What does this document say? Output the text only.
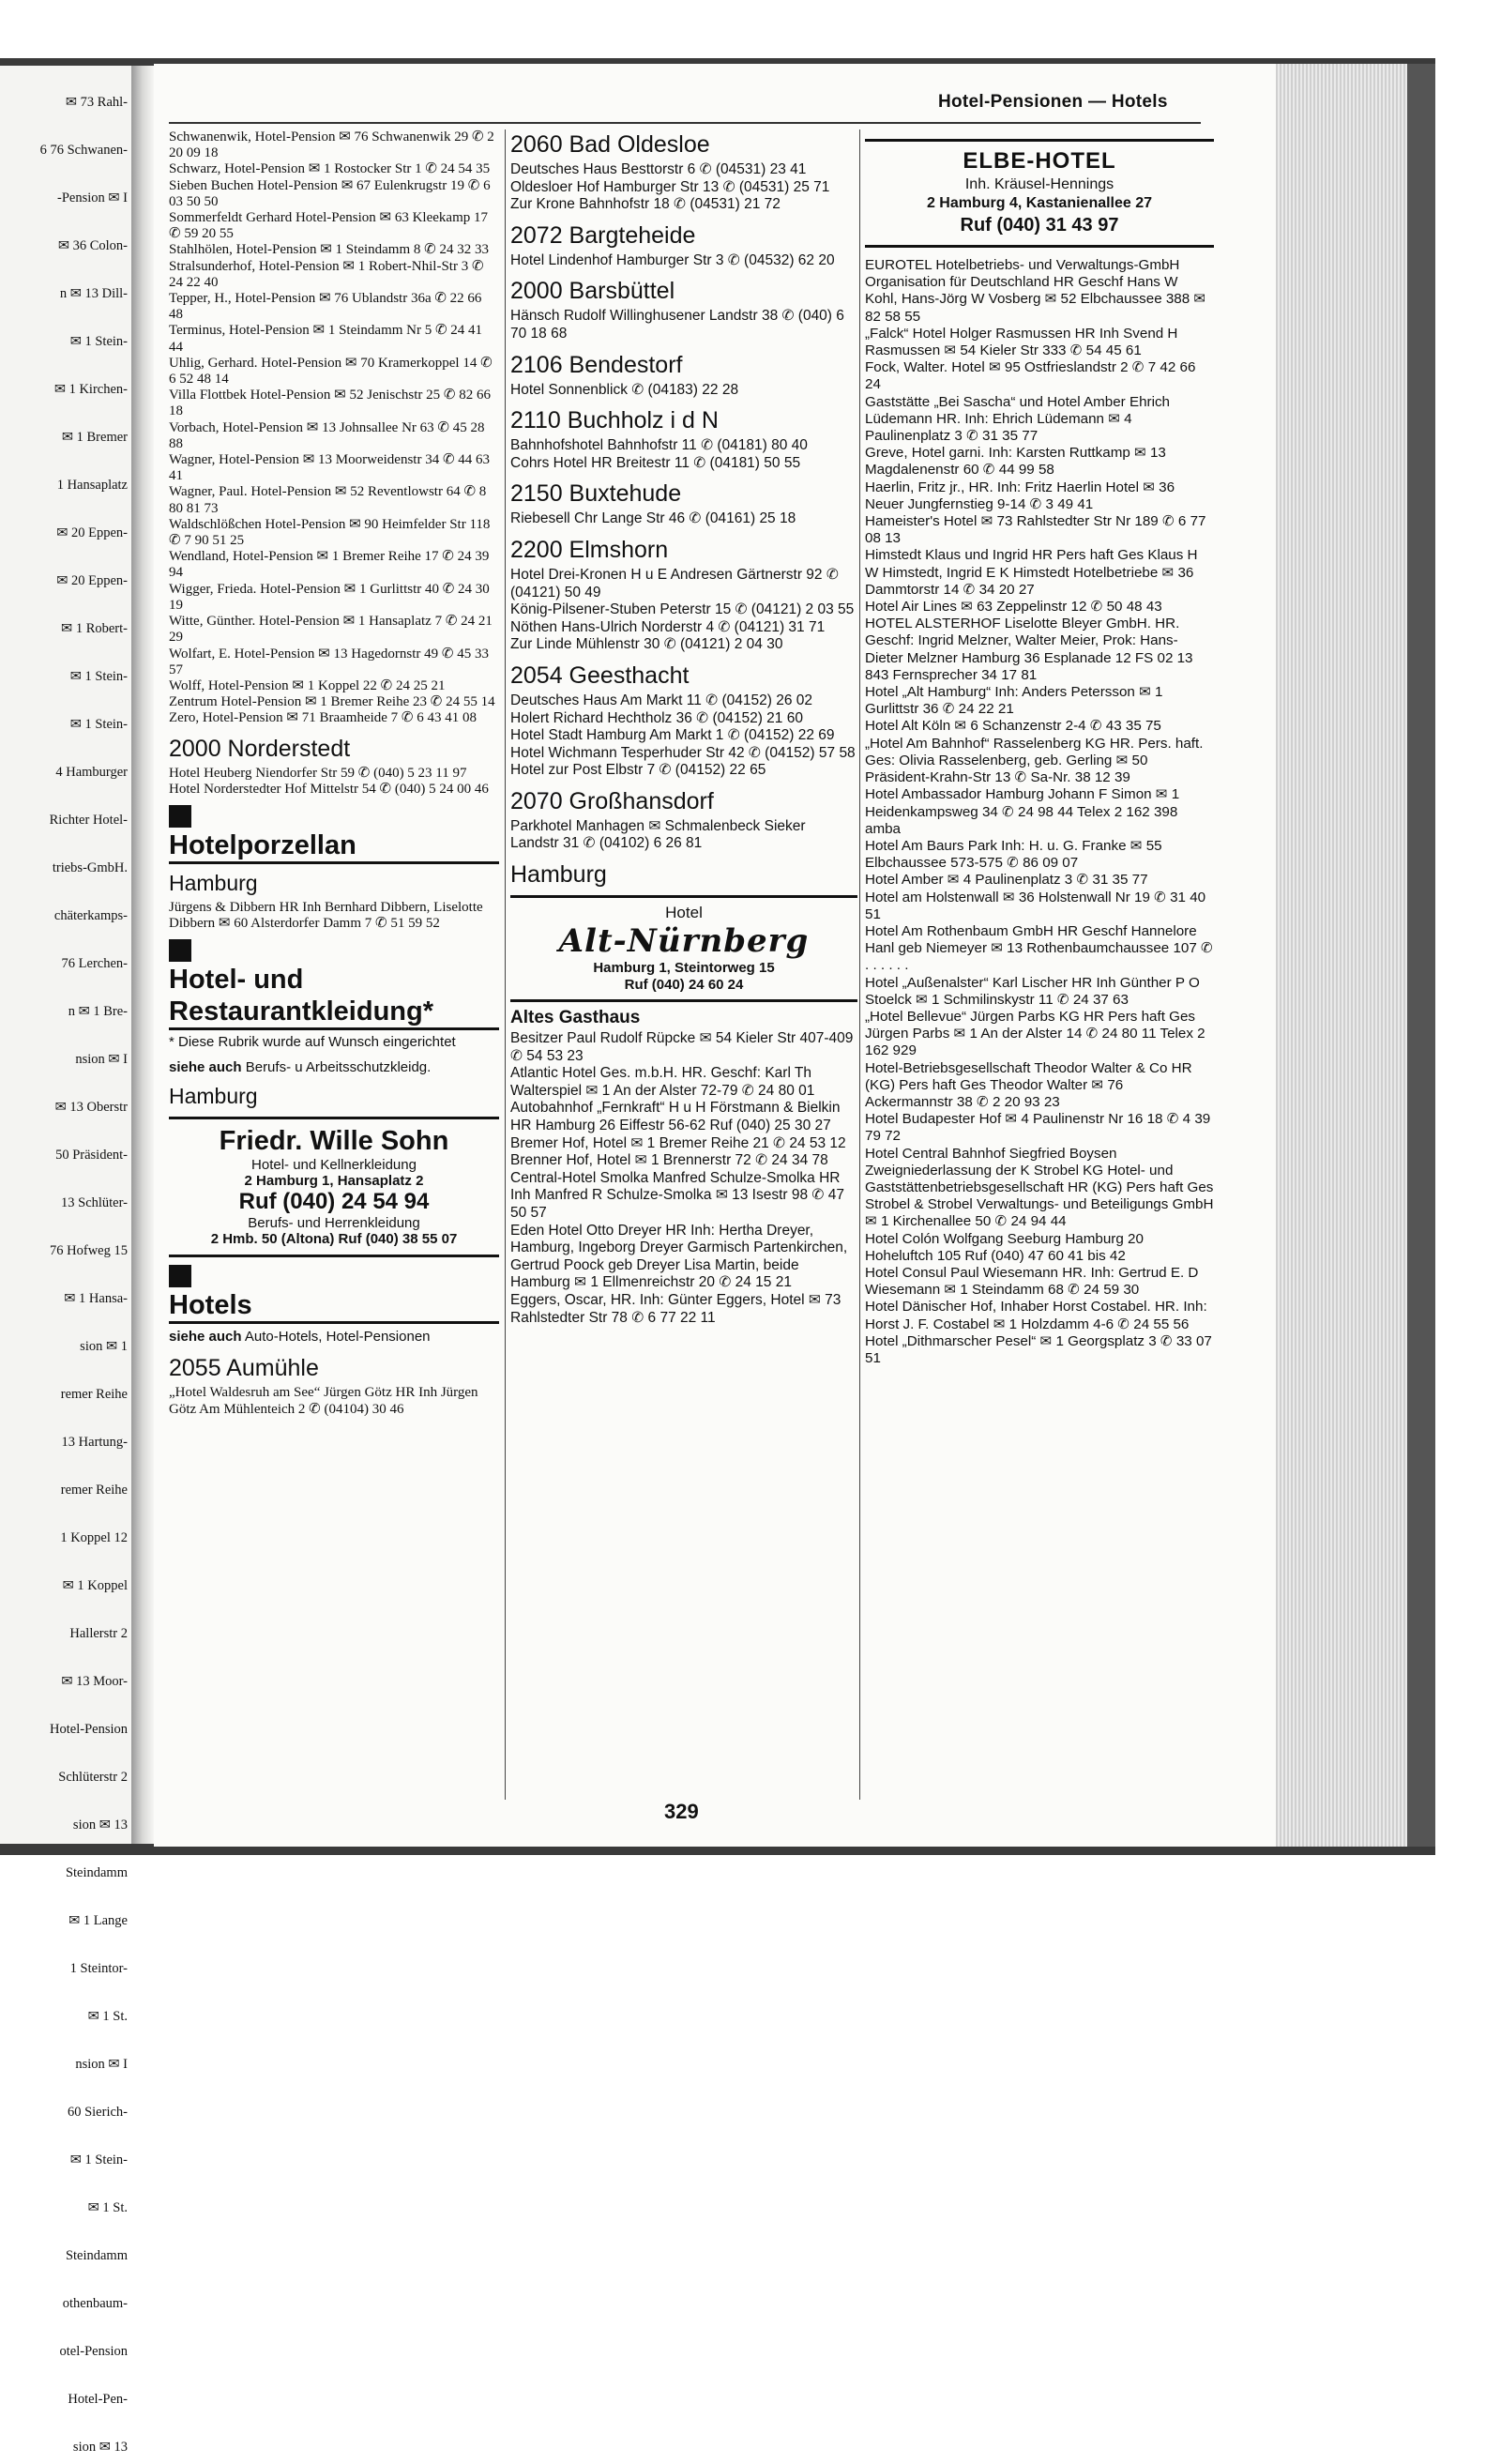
✉ 73 Rahl-

6 76 Schwanen-

-Pension ✉ I

✉ 36 Colon-

n ✉ 13 Dill-

✉ 1 Stein-

✉ 1 Kirchen-

✉ 1 Bremer

1 Hansaplatz

✉ 20 Eppen-

✉ 20 Eppen-

✉ 1 Robert-

✉ 1 Stein-

✉ 1 Stein-

4 Hamburger

Richter Hotel-

triebs-GmbH.

chäterkamps-

76 Lerchen-

n ✉ 1 Bre-

nsion ✉ I

✉ 13 Oberstr

50 Präsident-

13 Schlüter-

76 Hofweg 15

✉ 1 Hansa-

sion ✉ 1

remer Reihe

13 Hartung-

remer Reihe

1 Koppel 12

✉ 1 Koppel

Hallerstr 2

✉ 13 Moor-

Hotel-Pension

Schlüterstr 2

sion ✉ 13

Steindamm

✉ 1 Lange

1 Steintor-

✉ 1 St.

nsion ✉ I

60 Sierich-

✉ 1 Stein-

✉ 1 St.

Steindamm

othenbaum-

otel-Pension

Hotel-Pen-

sion ✉ 13

Hotel-Pensionen — Hotels

Schwanenwik, Hotel-Pension ✉ 76 Schwanenwik 29 ✆ 2 20 09 18

Schwarz, Hotel-Pension ✉ 1 Rostocker Str 1 ✆ 24 54 35

Sieben Buchen Hotel-Pension ✉ 67 Eulenkrugstr 19 ✆ 6 03 50 50

Sommerfeldt Gerhard Hotel-Pension ✉ 63 Kleekamp 17 ✆ 59 20 55

Stahlhölen, Hotel-Pension ✉ 1 Steindamm 8 ✆ 24 32 33

Stralsunderhof, Hotel-Pension ✉ 1 Robert-Nhil-Str 3 ✆ 24 22 40

Tepper, H., Hotel-Pension ✉ 76 Ublandstr 36a ✆ 22 66 48

Terminus, Hotel-Pension ✉ 1 Steindamm Nr 5 ✆ 24 41 44

Uhlig, Gerhard. Hotel-Pension ✉ 70 Kramerkoppel 14 ✆ 6 52 48 14

Villa Flottbek Hotel-Pension ✉ 52 Jenischstr 25 ✆ 82 66 18

Vorbach, Hotel-Pension ✉ 13 Johnsallee Nr 63 ✆ 45 28 88

Wagner, Hotel-Pension ✉ 13 Moorweidenstr 34 ✆ 44 63 41

Wagner, Paul. Hotel-Pension ✉ 52 Reventlowstr 64 ✆ 8 80 81 73

Waldschlößchen Hotel-Pension ✉ 90 Heimfelder Str 118 ✆ 7 90 51 25

Wendland, Hotel-Pension ✉ 1 Bremer Reihe 17 ✆ 24 39 94

Wigger, Frieda. Hotel-Pension ✉ 1 Gurlittstr 40 ✆ 24 30 19

Witte, Günther. Hotel-Pension ✉ 1 Hansaplatz 7 ✆ 24 21 29

Wolfart, E. Hotel-Pension ✉ 13 Hagedornstr 49 ✆ 45 33 57

Wolff, Hotel-Pension ✉ 1 Koppel 22 ✆ 24 25 21

Zentrum Hotel-Pension ✉ 1 Bremer Reihe 23 ✆ 24 55 14

Zero, Hotel-Pension ✉ 71 Braamheide 7 ✆ 6 43 41 08

2000 Norderstedt

Hotel Heuberg Niendorfer Str 59 ✆ (040) 5 23 11 97

Hotel Norderstedter Hof Mittelstr 54 ✆ (040) 5 24 00 46

Hotelporzellan
Hamburg

Jürgens & Dibbern HR Inh Bernhard Dibbern, Liselotte Dibbern ✉ 60 Alsterdorfer Damm 7 ✆ 51 59 52

Hotel- und
Restaurantkleidung*
* Diese Rubrik wurde auf Wunsch eingerichtet
siehe auch Berufs- u Arbeitsschutzkleidg.
Hamburg
Friedr. Wille Sohn
Hotel- und Kellnerkleidung
2 Hamburg 1, Hansaplatz 2
Ruf (040) 24 54 94
Berufs- und Herrenkleidung
2 Hmb. 50 (Altona) Ruf (040) 38 55 07
Hotels
siehe auch Auto-Hotels, Hotel-Pensionen
2055 Aumühle

„Hotel Waldesruh am See“ Jürgen Götz HR Inh Jürgen Götz Am Mühlenteich 2 ✆ (04104) 30 46

2060 Bad Oldesloe

Deutsches Haus Besttorstr 6 ✆ (04531) 23 41

Oldesloer Hof Hamburger Str 13 ✆ (04531) 25 71

Zur Krone Bahnhofstr 18 ✆ (04531) 21 72

2072 Bargteheide

Hotel Lindenhof Hamburger Str 3 ✆ (04532) 62 20

2000 Barsbüttel

Hänsch Rudolf Willinghusener Landstr 38 ✆ (040) 6 70 18 68

2106 Bendestorf

Hotel Sonnenblick ✆ (04183) 22 28

2110 Buchholz i d N

Bahnhofshotel Bahnhofstr 11 ✆ (04181) 80 40

Cohrs Hotel HR Breitestr 11 ✆ (04181) 50 55

2150 Buxtehude

Riebesell Chr Lange Str 46 ✆ (04161) 25 18

2200 Elmshorn

Hotel Drei-Kronen H u E Andresen Gärtnerstr 92 ✆ (04121) 50 49

König-Pilsener-Stuben Peterstr 15 ✆ (04121) 2 03 55

Nöthen Hans-Ulrich Norderstr 4 ✆ (04121) 31 71

Zur Linde Mühlenstr 30 ✆ (04121) 2 04 30

2054 Geesthacht

Deutsches Haus Am Markt 11 ✆ (04152) 26 02

Holert Richard Hechtholz 36 ✆ (04152) 21 60

Hotel Stadt Hamburg Am Markt 1 ✆ (04152) 22 69

Hotel Wichmann Tesperhuder Str 42 ✆ (04152) 57 58

Hotel zur Post Elbstr 7 ✆ (04152) 22 65

2070 Großhansdorf

Parkhotel Manhagen ✉ Schmalenbeck Sieker Landstr 31 ✆ (04102) 6 26 81

Hamburg
Hotel
Alt-Nürnberg
Hamburg 1, Steintorweg 15
Ruf (040) 24 60 24
Altes Gasthaus

Besitzer Paul Rudolf Rüpcke ✉ 54 Kieler Str 407-409 ✆ 54 53 23

Atlantic Hotel Ges. m.b.H. HR. Geschf: Karl Th Walterspiel ✉ 1 An der Alster 72-79 ✆ 24 80 01

Autobahnhof „Fernkraft“ H u H Förstmann & Bielkin HR Hamburg 26 Eiffestr 56-62 Ruf (040) 25 30 27

Bremer Hof, Hotel ✉ 1 Bremer Reihe 21 ✆ 24 53 12

Brenner Hof, Hotel ✉ 1 Brennerstr 72 ✆ 24 34 78

Central-Hotel Smolka Manfred Schulze-Smolka HR Inh Manfred R Schulze-Smolka ✉ 13 Isestr 98 ✆ 47 50 57

Eden Hotel Otto Dreyer HR Inh: Hertha Dreyer, Hamburg, Ingeborg Dreyer Garmisch Partenkirchen, Gertrud Poock geb Dreyer Lisa Martin, beide Hamburg ✉ 1 Ellmenreichstr 20 ✆ 24 15 21

Eggers, Oscar, HR. Inh: Günter Eggers, Hotel ✉ 73 Rahlstedter Str 78 ✆ 6 77 22 11

ELBE-HOTEL
Inh. Kräusel-Hennings
2 Hamburg 4, Kastanienallee 27
Ruf (040) 31 43 97

EUROTEL Hotelbetriebs- und Verwaltungs-GmbH Organisation für Deutschland HR Geschf Hans W Kohl, Hans-Jörg W Vosberg ✉ 52 Elbchaussee 388 ✉ 82 58 55

„Falck“ Hotel Holger Rasmussen HR Inh Svend H Rasmussen ✉ 54 Kieler Str 333 ✆ 54 45 61

Fock, Walter. Hotel ✉ 95 Ostfrieslandstr 2 ✆ 7 42 66 24

Gaststätte „Bei Sascha“ und Hotel Amber Ehrich Lüdemann HR. Inh: Ehrich Lüdemann ✉ 4 Paulinenplatz 3 ✆ 31 35 77

Greve, Hotel garni. Inh: Karsten Ruttkamp ✉ 13 Magdalenenstr 60 ✆ 44 99 58

Haerlin, Fritz jr., HR. Inh: Fritz Haerlin Hotel ✉ 36 Neuer Jungfernstieg 9-14 ✆ 3 49 41

Hameister's Hotel ✉ 73 Rahlstedter Str Nr 189 ✆ 6 77 08 13

Himstedt Klaus und Ingrid HR Pers haft Ges Klaus H W Himstedt, Ingrid E K Himstedt Hotelbetriebe ✉ 36 Dammtorstr 14 ✆ 34 20 27

Hotel Air Lines ✉ 63 Zeppelinstr 12 ✆ 50 48 43

HOTEL ALSTERHOF Liselotte Bleyer GmbH. HR. Geschf: Ingrid Melzner, Walter Meier, Prok: Hans-Dieter Melzner Hamburg 36 Esplanade 12 FS 02 13 843 Fernsprecher 34 17 81

Hotel „Alt Hamburg“ Inh: Anders Petersson ✉ 1 Gurlittstr 36 ✆ 24 22 21

Hotel Alt Köln ✉ 6 Schanzenstr 2-4 ✆ 43 35 75

„Hotel Am Bahnhof“ Rasselenberg KG HR. Pers. haft. Ges: Olivia Rasselenberg, geb. Gerling ✉ 50 Präsident-Krahn-Str 13 ✆ Sa-Nr. 38 12 39

Hotel Ambassador Hamburg Johann F Simon ✉ 1 Heidenkampsweg 34 ✆ 24 98 44 Telex 2 162 398 amba

Hotel Am Baurs Park Inh: H. u. G. Franke ✉ 55 Elbchaussee 573-575 ✆ 86 09 07

Hotel Amber ✉ 4 Paulinenplatz 3 ✆ 31 35 77

Hotel am Holstenwall ✉ 36 Holstenwall Nr 19 ✆ 31 40 51

Hotel Am Rothenbaum GmbH HR Geschf Hannelore Hanl geb Niemeyer ✉ 13 Rothenbaumchaussee 107 ✆ . . . . . .

Hotel „Außenalster“ Karl Lischer HR Inh Günther P O Stoelck ✉ 1 Schmilinskystr 11 ✆ 24 37 63

„Hotel Bellevue“ Jürgen Parbs KG HR Pers haft Ges Jürgen Parbs ✉ 1 An der Alster 14 ✆ 24 80 11 Telex 2 162 929

Hotel-Betriebsgesellschaft Theodor Walter & Co HR (KG) Pers haft Ges Theodor Walter ✉ 76 Ackermannstr 38 ✆ 2 20 93 23

Hotel Budapester Hof ✉ 4 Paulinenstr Nr 16 18 ✆ 4 39 79 72

Hotel Central Bahnhof Siegfried Boysen Zweigniederlassung der K Strobel KG Hotel- und Gaststättenbetriebsgesellschaft HR (KG) Pers haft Ges Strobel & Strobel Verwaltungs- und Beteiligungs GmbH ✉ 1 Kirchenallee 50 ✆ 24 94 44

Hotel Colón Wolfgang Seeburg Hamburg 20 Hoheluftch 105 Ruf (040) 47 60 41 bis 42

Hotel Consul Paul Wiesemann HR. Inh: Gertrud E. D Wiesemann ✉ 1 Steindamm 68 ✆ 24 59 30

Hotel Dänischer Hof, Inhaber Horst Costabel. HR. Inh: Horst J. F. Costabel ✉ 1 Holzdamm 4-6 ✆ 24 55 56

Hotel „Dithmarscher Pesel“ ✉ 1 Georgsplatz 3 ✆ 33 07 51

329
